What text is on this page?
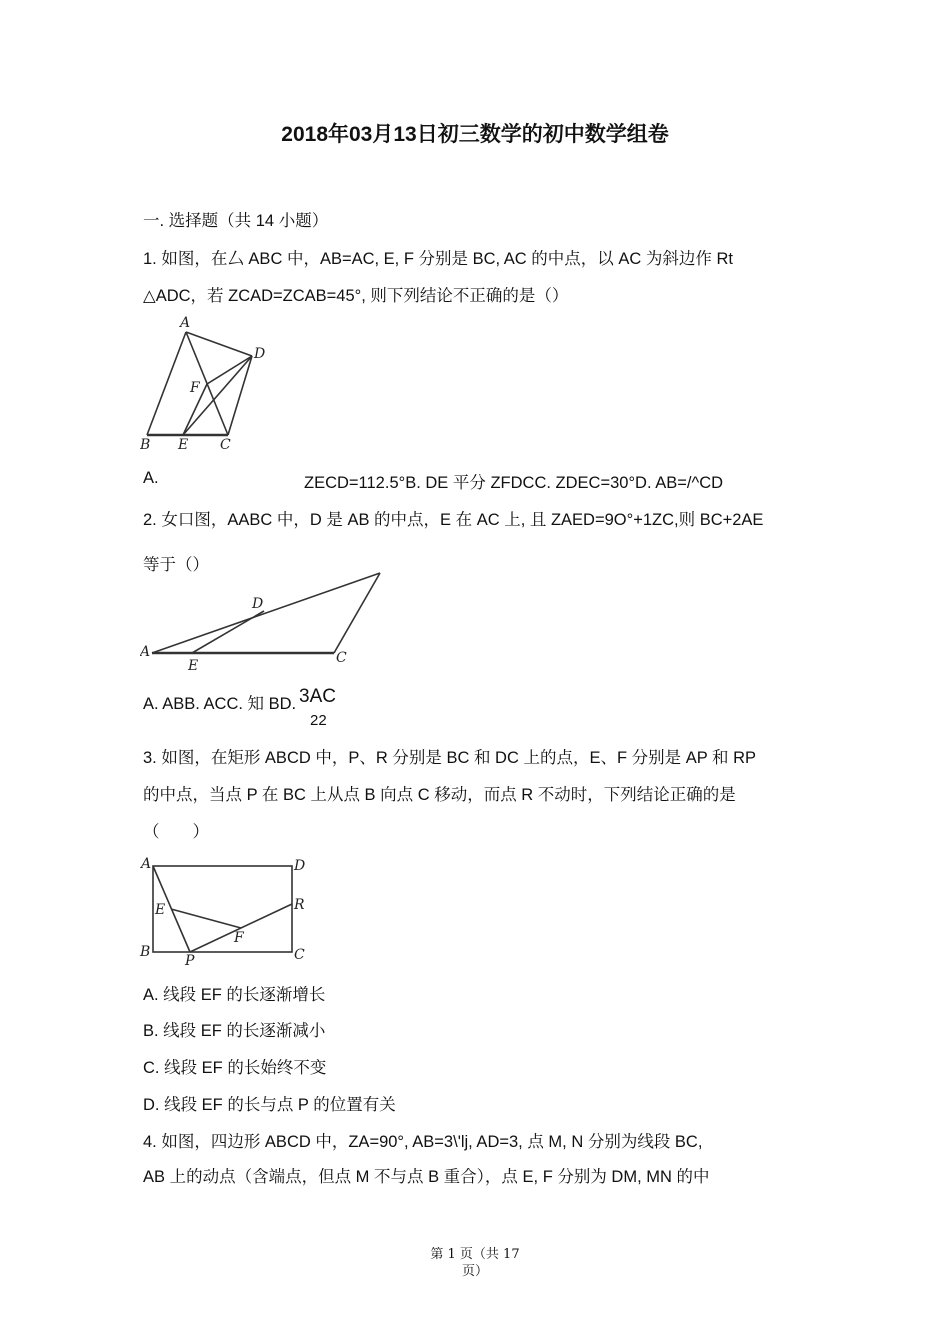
2018年03月13日初三数学的初中数学组卷
一. 选择题（共 14 小题）
1. 如图，在厶 ABC 中，AB=AC, E, F 分别是 BC, AC 的中点，以 AC 为斜边作 Rt
△ADC，若 ZCAD=ZCAB=45°, 则下列结论不正确的是（）
A
D
F
B E C
A.	ZECD=112.5°B. DE 平分 ZFDCC. ZDEC=30°D. AB=/^CD
2. 女口图，AABC 中，D 是 AB 的中点，E 在 AC 上, 且 ZAED=9O°+1ZC,则 BC+2AE
等于（）
D
A
E	C
A. ABB. ACC. 知 BD. 3AC
22
3. 如图，在矩形 ABCD 中，P、R 分别是 BC 和 DC 上的点，E、F 分别是 AP 和 RP
的中点，当点 P 在 BC 上从点 B 向点 C 移动，而点 R 不动时，下列结论正确的是
（　　）
A	D
R
E
F
B
P	C
A. 线段 EF 的长逐渐增长
B. 线段 EF 的长逐渐减小
C. 线段 EF 的长始终不变
D. 线段 EF 的长与点 P 的位置有关
4. 如图，四边形 ABCD 中，ZA=90°, AB=3\'lj, AD=3, 点 M, N 分别为线段 BC,
AB 上的动点（含端点，但点 M 不与点 B 重合），点 E, F 分别为 DM, MN 的中
第 1 页（共 17
页）
